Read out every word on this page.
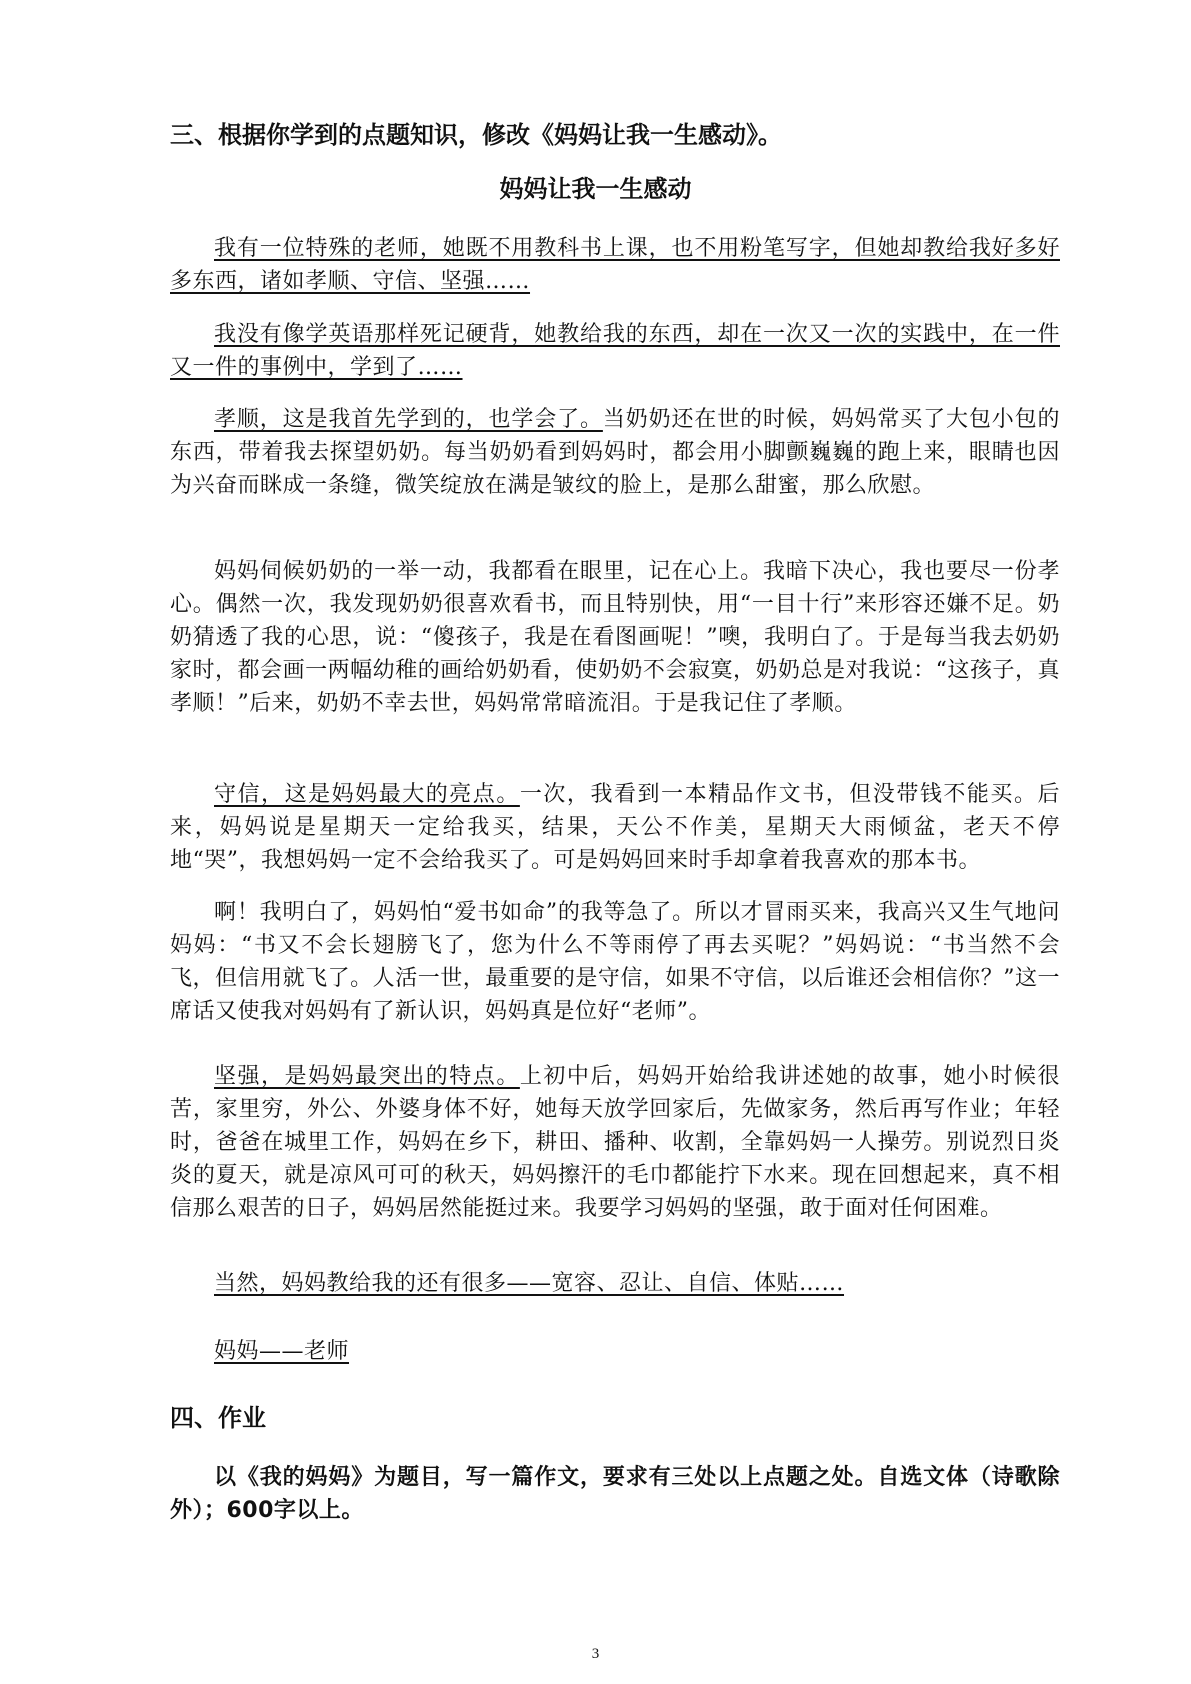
三、根据你学到的点题知识，修改《妈妈让我一生感动》。
妈妈让我一生感动

我有一位特殊的老师，她既不用教科书上课，也不用粉笔写字，但她却教给我好多好多东西，诸如孝顺、守信、坚强……

我没有像学英语那样死记硬背，她教给我的东西，却在一次又一次的实践中，在一件又一件的事例中，学到了……

孝顺，这是我首先学到的，也学会了。当奶奶还在世的时候，妈妈常买了大包小包的东西，带着我去探望奶奶。每当奶奶看到妈妈时，都会用小脚颤巍巍的跑上来，眼睛也因为兴奋而眯成一条缝，微笑绽放在满是皱纹的脸上，是那么甜蜜，那么欣慰。

妈妈伺候奶奶的一举一动，我都看在眼里，记在心上。我暗下决心，我也要尽一份孝心。偶然一次，我发现奶奶很喜欢看书，而且特别快，用“一目十行”来形容还嫌不足。奶奶猜透了我的心思，说：“傻孩子，我是在看图画呢！”噢，我明白了。于是每当我去奶奶家时，都会画一两幅幼稚的画给奶奶看，使奶奶不会寂寞，奶奶总是对我说：“这孩子，真孝顺！”后来，奶奶不幸去世，妈妈常常暗流泪。于是我记住了孝顺。

守信，这是妈妈最大的亮点。一次，我看到一本精品作文书，但没带钱不能买。后来，妈妈说是星期天一定给我买，结果，天公不作美，星期天大雨倾盆，老天不停地“哭”，我想妈妈一定不会给我买了。可是妈妈回来时手却拿着我喜欢的那本书。

啊！我明白了，妈妈怕“爱书如命”的我等急了。所以才冒雨买来，我高兴又生气地问妈妈：“书又不会长翅膀飞了，您为什么不等雨停了再去买呢？”妈妈说：“书当然不会飞，但信用就飞了。人活一世，最重要的是守信，如果不守信，以后谁还会相信你？”这一席话又使我对妈妈有了新认识，妈妈真是位好“老师”。

坚强，是妈妈最突出的特点。上初中后，妈妈开始给我讲述她的故事，她小时候很苦，家里穷，外公、外婆身体不好，她每天放学回家后，先做家务，然后再写作业；年轻时，爸爸在城里工作，妈妈在乡下，耕田、播种、收割，全靠妈妈一人操劳。别说烈日炎炎的夏天，就是凉风可可的秋天，妈妈擦汗的毛巾都能拧下水来。现在回想起来，真不相信那么艰苦的日子，妈妈居然能挺过来。我要学习妈妈的坚强，敢于面对任何困难。

当然，妈妈教给我的还有很多——宽容、忍让、自信、体贴……

妈妈——老师

四、作业

以《我的妈妈》为题目，写一篇作文，要求有三处以上点题之处。自选文体（诗歌除外）；600字以上。

3
